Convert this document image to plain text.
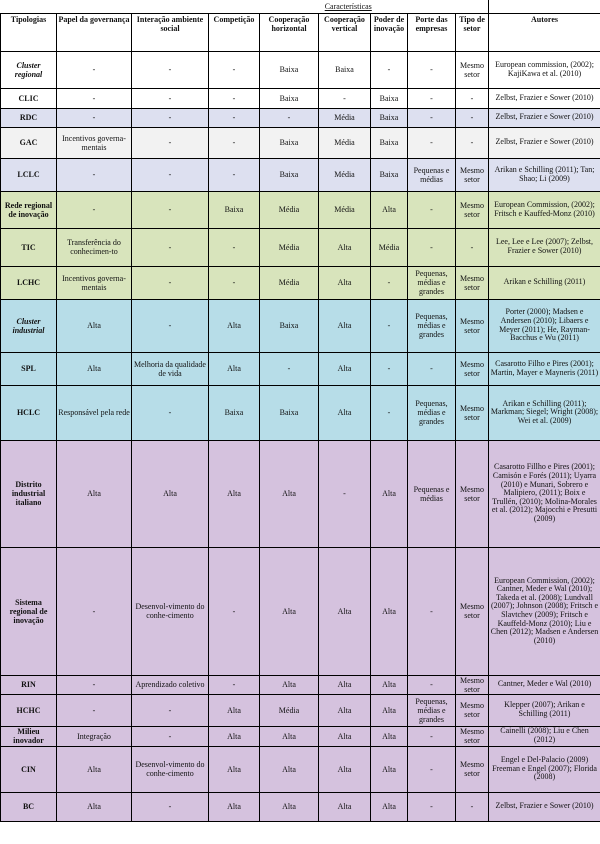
			Características						
Tipologias	Papel da governança	Interação ambiente social	Competição	Cooperação horizontal	Cooperação vertical	Poder de inovação	Porte das empresas	Tipo de setor	Autores
Cluster regional	-	-	-	Baixa	Baixa	-	-	Mesmo setor	European commission, (2002); KajiKawa et al. (2010)
CLIC	-	-	-	Baixa	-	Baixa	-	-	Zelbst, Frazier e Sower (2010)
RDC	-	-	-	-	Média	Baixa	-	-	Zelbst, Frazier e Sower (2010)
GAC	Incentivos governa-mentais	-	-	Baixa	Média	Baixa	-	-	Zelbst, Frazier e Sower (2010)
LCLC	-	-	-	Baixa	Média	Baixa	Pequenas e médias	Mesmo setor	Arikan e Schilling (2011); Tan; Shao; Li (2009)
Rede regional de inovação	-	-	Baixa	Média	Média	Alta	-	Mesmo setor	European Commission, (2002); Fritsch e Kauffed-Monz (2010)
TIC	Transferência do conhecimen-to	-	-	Média	Alta	Média	-	-	Lee, Lee e Lee (2007); Zelbst, Frazier e Sower (2010)
LCHC	Incentivos governa-mentais	-	-	Média	Alta	-	Pequenas, médias e grandes	Mesmo setor	Arikan e Schilling (2011)
Cluster industrial	Alta	-	Alta	Baixa	Alta	-	Pequenas, médias e grandes	Mesmo setor	Porter (2000); Madsen e Andersen (2010); Libaers e Meyer (2011); He, Rayman-Bacchus e Wu (2011)
SPL	Alta	Melhoria da qualidade de vida	Alta	-	Alta	-	-	Mesmo setor	Casarotto Filho e Pires (2001); Martin, Mayer e Mayneris (2011)
HCLC	Responsável pela rede	-	Baixa	Baixa	Alta	-	Pequenas, médias e grandes	Mesmo setor	Arikan e Schilling (2011); Markman; Siegel; Wright (2008); Wei et al. (2009)
Distrito industrial italiano	Alta	Alta	Alta	Alta	-	Alta	Pequenas e médias	Mesmo setor	Casarotto Fillho e Pires (2001); Camisón e Forés (2011); Uyarra (2010) e Munari, Sobrero e Malipiero, (2011); Boix e Trullén, (2010); Molina-Morales et al. (2012); Majocchi e Presutti (2009)
Sistema regional de inovação	-	Desenvol-vimento do conhe-cimento	-	Alta	Alta	Alta	-	Mesmo setor	European Commission, (2002); Cantner, Meder e Wal (2010); Takeda et al. (2008); Lundvall (2007); Johnson (2008); Fritsch e Slavtchev (2009); Fritsch e Kauffeld-Monz (2010); Liu e Chen (2012); Madsen e Andersen (2010)
RIN	-	Aprendizado coletivo	-	Alta	Alta	Alta	-	Mesmo setor	Cantner, Meder e Wal (2010)
HCHC	-	-	Alta	Média	Alta	Alta	Pequenas, médias e grandes	Mesmo setor	Klepper (2007); Arikan e Schilling (2011)
Milieu inovador	Integração	-	Alta	Alta	Alta	Alta	-	Mesmo setor	Cainelli (2008); Liu e Chen (2012)
CIN	Alta	Desenvol-vimento do conhe-cimento	Alta	Alta	Alta	Alta	-	Mesmo setor	Engel e Del-Palacio (2009) Freeman e Engel (2007); Florida (2008)
BC	Alta	-	Alta	Alta	Alta	Alta	-	-	Zelbst, Frazier e Sower (2010)
